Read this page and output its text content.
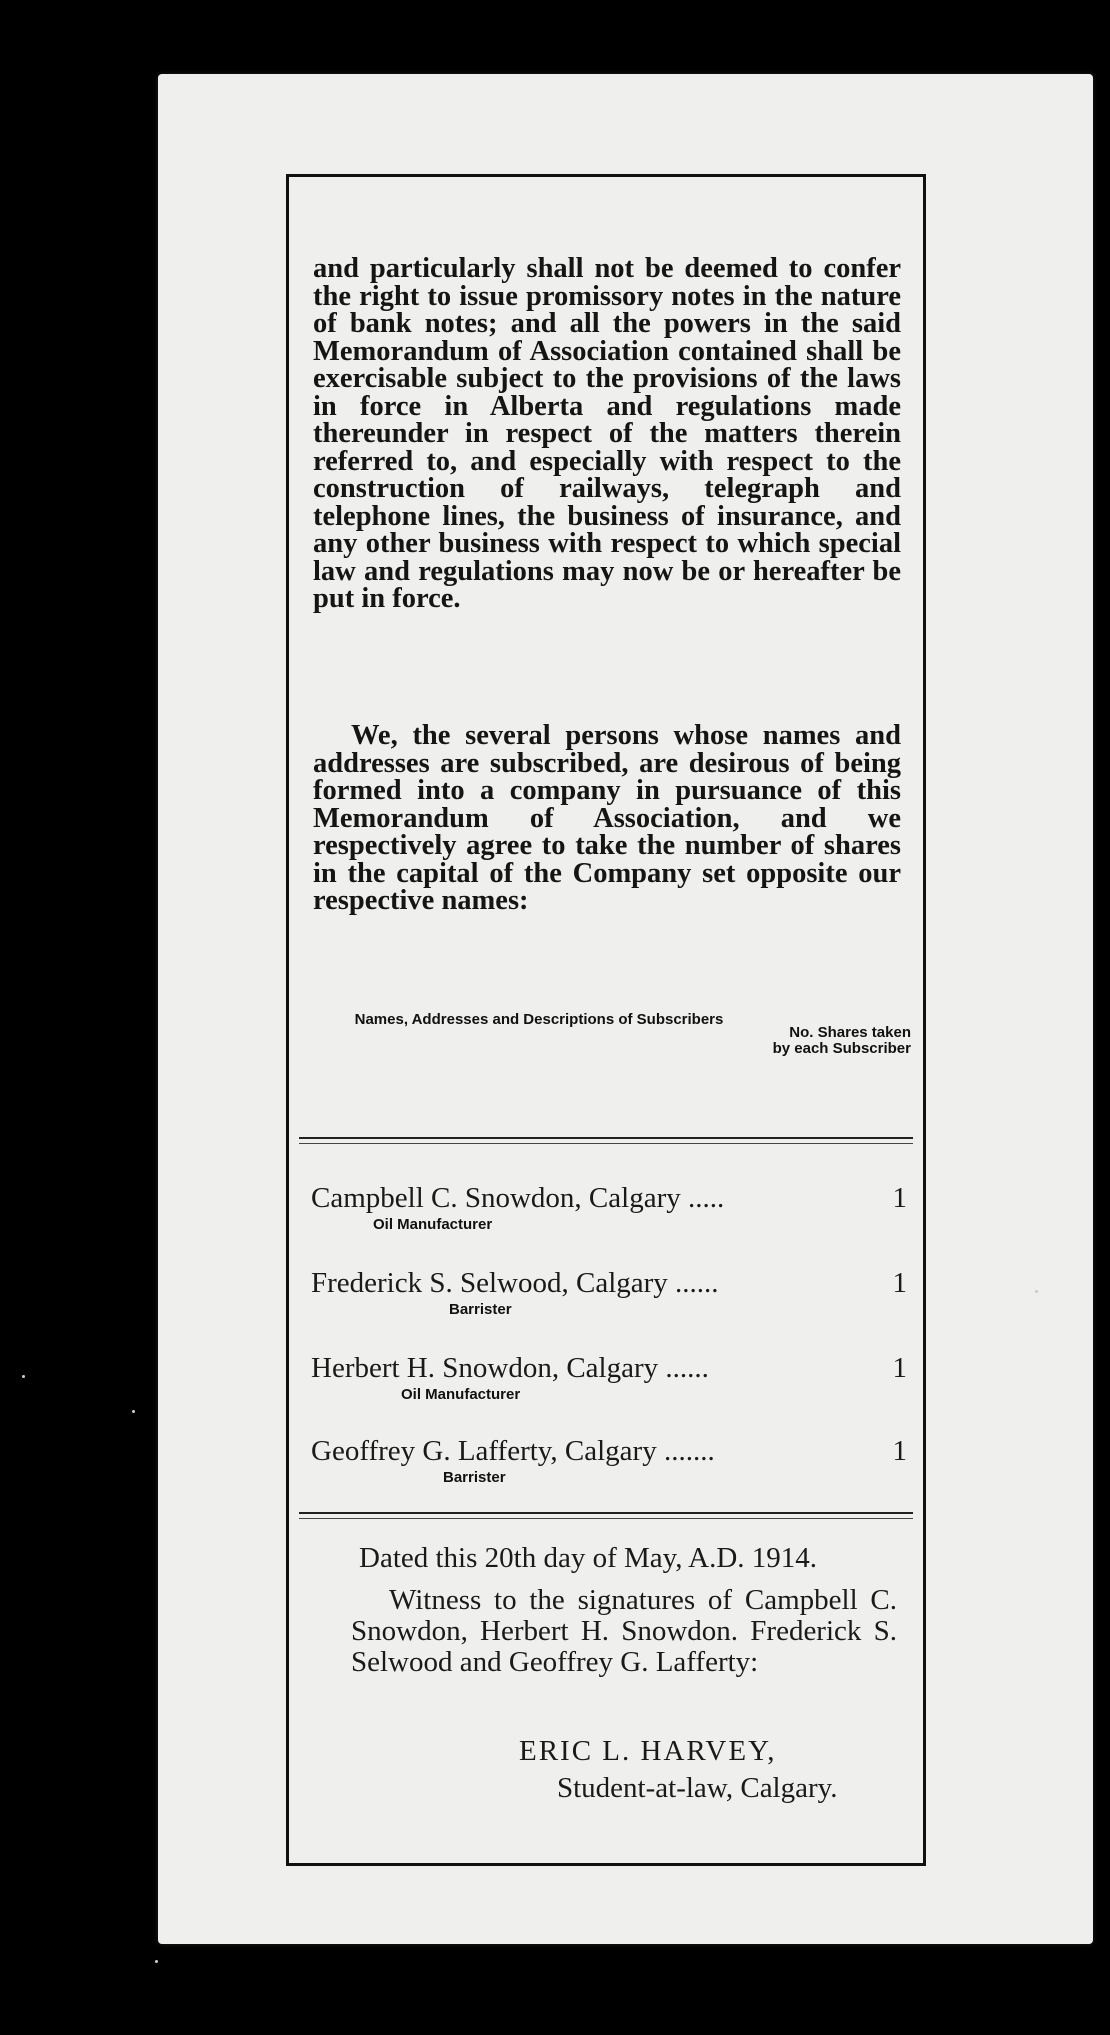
and particularly shall not be deemed to confer the right to issue promissory notes in the nature of bank notes; and all the powers in the said Memorandum of Association contained shall be exercisable subject to the provisions of the laws in force in Alberta and regulations made thereunder in respect of the matters therein referred to, and especially with respect to the construction of railways, telegraph and telephone lines, the business of insurance, and any other business with respect to which special law and regulations may now be or hereafter be put in force.
We, the several persons whose names and addresses are subscribed, are desirous of being formed into a company in pursuance of this Memorandum of Association, and we respectively agree to take the number of shares in the capital of the Company set opposite our respective names:
Names, Addresses and Descriptions of Subscribers
No. Shares taken by each Subscriber
Campbell C. Snowdon, Calgary .....	1
Oil Manufacturer
Frederick S. Selwood, Calgary ......	1
Barrister
Herbert H. Snowdon, Calgary ......	1
Oil Manufacturer
Geoffrey G. Lafferty, Calgary .......	1
Barrister
Dated this 20th day of May, A.D. 1914.
Witness to the signatures of Campbell C. Snowdon, Herbert H. Snowdon. Frederick S. Selwood and Geoffrey G. Lafferty:
ERIC L. HARVEY,
Student-at-law, Calgary.
